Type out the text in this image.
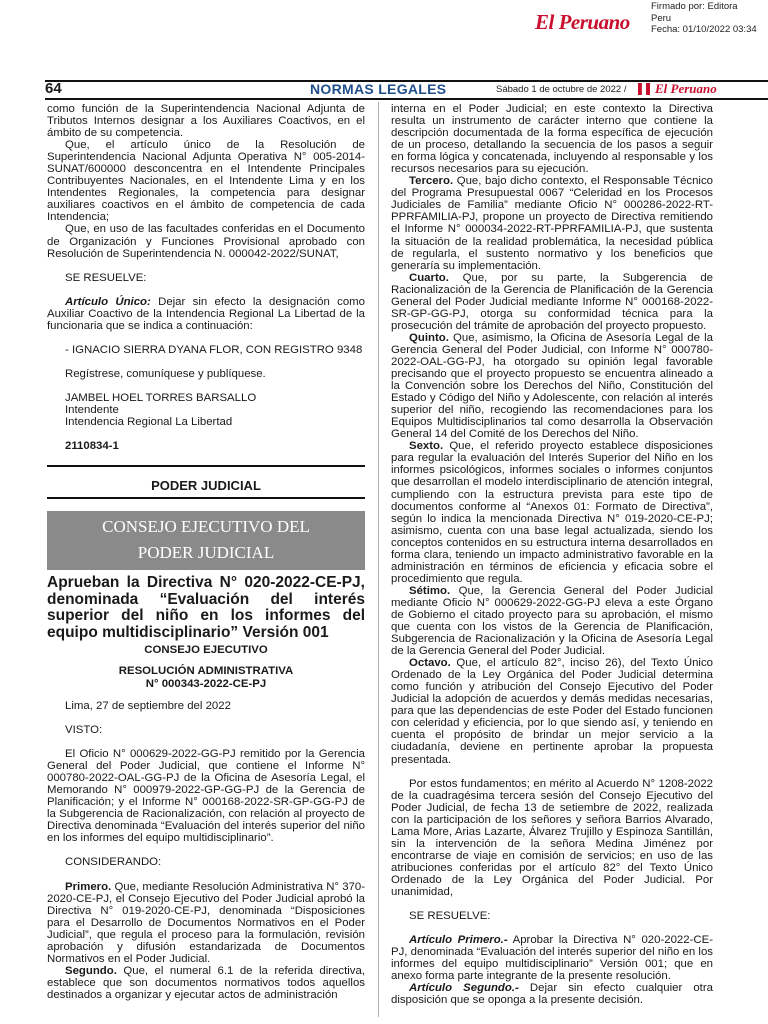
El Peruano
Firmado por: Editora
Peru
Fecha: 01/10/2022 03:34
64	NORMAS LEGALES	Sábado 1 de octubre de 2022 / El Peruano

como función de la Superintendencia Nacional Adjunta de Tributos Internos designar a los Auxiliares Coactivos, en el ámbito de su competencia.

Que, el artículo único de la Resolución de Superintendencia Nacional Adjunta Operativa N° 005-2014-SUNAT/600000 desconcentra en el Intendente Principales Contribuyentes Nacionales, en el Intendente Lima y en los Intendentes Regionales, la competencia para designar auxiliares coactivos en el ámbito de competencia de cada Intendencia;

Que, en uso de las facultades conferidas en el Documento de Organización y Funciones Provisional aprobado con Resolución de Superintendencia N. 000042-2022/SUNAT,

SE RESUELVE:

Artículo Único: Dejar sin efecto la designación como Auxiliar Coactivo de la Intendencia Regional La Libertad de la funcionaria que se indica a continuación:

- IGNACIO SIERRA DYANA FLOR, CON REGISTRO 9348

Regístrese, comuníquese y publíquese.

JAMBEL HOEL TORRES BARSALLO

Intendente

Intendencia Regional La Libertad

2110834-1

PODER JUDICIAL
CONSEJO EJECUTIVO DEL
PODER JUDICIAL
Aprueban la Directiva N° 020-2022-CE-PJ, denominada “Evaluación del interés superior del niño en los informes del equipo multidisciplinario” Versión 001
CONSEJO EJECUTIVO
RESOLUCIÓN ADMINISTRATIVA
N° 000343-2022-CE-PJ

Lima, 27 de septiembre del 2022

VISTO:

El Oficio N° 000629-2022-GG-PJ remitido por la Gerencia General del Poder Judicial, que contiene el Informe N° 000780-2022-OAL-GG-PJ de la Oficina de Asesoría Legal, el Memorando N° 000979-2022-GP-GG-PJ de la Gerencia de Planificación; y el Informe N° 000168-2022-SR-GP-GG-PJ de la Subgerencia de Racionalización, con relación al proyecto de Directiva denominada “Evaluación del interés superior del niño en los informes del equipo multidisciplinario”.

CONSIDERANDO:

Primero. Que, mediante Resolución Administrativa N° 370-2020-CE-PJ, el Consejo Ejecutivo del Poder Judicial aprobó la Directiva N° 019-2020-CE-PJ, denominada “Disposiciones para el Desarrollo de Documentos Normativos en el Poder Judicial”, que regula el proceso para la formulación, revisión aprobación y difusión estandarizada de Documentos Normativos en el Poder Judicial.

Segundo. Que, el numeral 6.1 de la referida directiva, establece que son documentos normativos todos aquellos destinados a organizar y ejecutar actos de administración

interna en el Poder Judicial; en este contexto la Directiva resulta un instrumento de carácter interno que contiene la descripción documentada de la forma específica de ejecución de un proceso, detallando la secuencia de los pasos a seguir en forma lógica y concatenada, incluyendo al responsable y los recursos necesarios para su ejecución.

Tercero. Que, bajo dicho contexto, el Responsable Técnico del Programa Presupuestal 0067 “Celeridad en los Procesos Judiciales de Familia” mediante Oficio N° 000286-2022-RT-PPRFAMILIA-PJ, propone un proyecto de Directiva remitiendo el Informe N° 000034-2022-RT-PPRFAMILIA-PJ, que sustenta la situación de la realidad problemática, la necesidad pública de regularla, el sustento normativo y los beneficios que generaría su implementación.

Cuarto. Que, por su parte, la Subgerencia de Racionalización de la Gerencia de Planificación de la Gerencia General del Poder Judicial mediante Informe N° 000168-2022-SR-GP-GG-PJ, otorga su conformidad técnica para la prosecución del trámite de aprobación del proyecto propuesto.

Quinto. Que, asimismo, la Oficina de Asesoría Legal de la Gerencia General del Poder Judicial, con Informe N° 000780-2022-OAL-GG-PJ, ha otorgado su opinión legal favorable precisando que el proyecto propuesto se encuentra alineado a la Convención sobre los Derechos del Niño, Constitución del Estado y Código del Niño y Adolescente, con relación al interés superior del niño, recogiendo las recomendaciones para los Equipos Multidisciplinarios tal como desarrolla la Observación General 14 del Comité de los Derechos del Niño.

Sexto. Que, el referido proyecto establece disposiciones para regular la evaluación del Interés Superior del Niño en los informes psicológicos, informes sociales o informes conjuntos que desarrollan el modelo interdisciplinario de atención integral, cumpliendo con la estructura prevista para este tipo de documentos conforme al “Anexos 01: Formato de Directiva”, según lo indica la mencionada Directiva N° 019-2020-CE-PJ; asimismo, cuenta con una base legal actualizada, siendo los conceptos contenidos en su estructura interna desarrollados en forma clara, teniendo un impacto administrativo favorable en la administración en términos de eficiencia y eficacia sobre el procedimiento que regula.

Sétimo. Que, la Gerencia General del Poder Judicial mediante Oficio N° 000629-2022-GG-PJ eleva a este Órgano de Gobierno el citado proyecto para su aprobación, el mismo que cuenta con los vistos de la Gerencia de Planificación, Subgerencia de Racionalización y la Oficina de Asesoría Legal de la Gerencia General del Poder Judicial.

Octavo. Que, el artículo 82°, inciso 26), del Texto Único Ordenado de la Ley Orgánica del Poder Judicial determina como función y atribución del Consejo Ejecutivo del Poder Judicial la adopción de acuerdos y demás medidas necesarias, para que las dependencias de este Poder del Estado funcionen con celeridad y eficiencia, por lo que siendo así, y teniendo en cuenta el propósito de brindar un mejor servicio a la ciudadanía, deviene en pertinente aprobar la propuesta presentada.

Por estos fundamentos; en mérito al Acuerdo N° 1208-2022 de la cuadragésima tercera sesión del Consejo Ejecutivo del Poder Judicial, de fecha 13 de setiembre de 2022, realizada con la participación de los señores y señora Barrios Alvarado, Lama More, Arias Lazarte, Álvarez Trujillo y Espinoza Santillán, sin la intervención de la señora Medina Jiménez por encontrarse de viaje en comisión de servicios; en uso de las atribuciones conferidas por el artículo 82° del Texto Único Ordenado de la Ley Orgánica del Poder Judicial. Por unanimidad,

SE RESUELVE:

Artículo Primero.- Aprobar la Directiva N° 020-2022-CE-PJ, denominada “Evaluación del interés superior del niño en los informes del equipo multidisciplinario” Versión 001; que en anexo forma parte integrante de la presente resolución.

Artículo Segundo.- Dejar sin efecto cualquier otra disposición que se oponga a la presente decisión.
